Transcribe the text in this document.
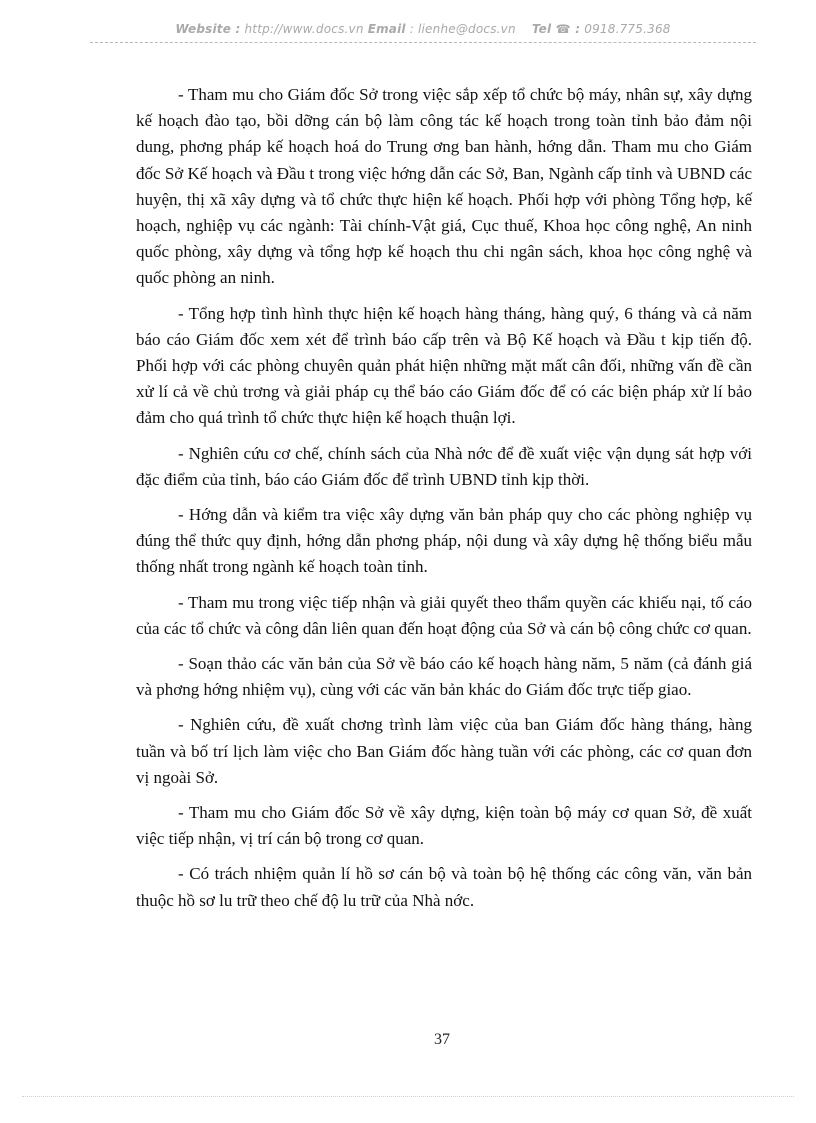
Website : http://www.docs.vn Email : lienhe@docs.vn Tel ☎ : 0918.775.368

- Tham mu cho Giám đốc Sở trong việc sắp xếp tổ chức bộ máy, nhân sự, xây dựng kế hoạch đào tạo, bồi dỡng cán bộ làm công tác kế hoạch trong toàn tỉnh bảo đảm nội dung, phơng pháp kế hoạch hoá do Trung ơng ban hành, hớng dẫn. Tham mu cho Giám đốc Sở Kế hoạch và Đầu t trong việc hớng dẫn các Sở, Ban, Ngành cấp tỉnh và UBND các huyện, thị xã xây dựng và tổ chức thực hiện kế hoạch. Phối hợp với phòng Tổng hợp, kế hoạch, nghiệp vụ các ngành: Tài chính-Vật giá, Cục thuế, Khoa học công nghệ, An ninh quốc phòng, xây dựng và tổng hợp kế hoạch thu chi ngân sách, khoa học công nghệ và quốc phòng an ninh.

- Tổng hợp tình hình thực hiện kế hoạch hàng tháng, hàng quý, 6 tháng và cả năm báo cáo Giám đốc xem xét để trình báo cấp trên và Bộ Kế hoạch và Đầu t kịp tiến độ. Phối hợp với các phòng chuyên quản phát hiện những mặt mất cân đối, những vấn đề cần xử lí cả về chủ trơng và giải pháp cụ thể báo cáo Giám đốc để có các biện pháp xử lí bảo đảm cho quá trình tổ chức thực hiện kế hoạch thuận lợi.

- Nghiên cứu cơ chế, chính sách của Nhà nớc để đề xuất việc vận dụng sát hợp với đặc điểm của tỉnh, báo cáo Giám đốc để trình UBND tỉnh kịp thời.

- Hớng dẫn và kiểm tra việc xây dựng văn bản pháp quy cho các phòng nghiệp vụ đúng thể thức quy định, hớng dẫn phơng pháp, nội dung và xây dựng hệ thống biểu mẫu thống nhất trong ngành kế hoạch toàn tỉnh.

- Tham mu trong việc tiếp nhận và giải quyết theo thẩm quyền các khiếu nại, tố cáo của các tổ chức và công dân liên quan đến hoạt động của Sở và cán bộ công chức cơ quan.

- Soạn thảo các văn bản của Sở về báo cáo kế hoạch hàng năm, 5 năm (cả đánh giá và phơng hớng nhiệm vụ), cùng với các văn bản khác do Giám đốc trực tiếp giao.

- Nghiên cứu, đề xuất chơng trình làm việc của ban Giám đốc hàng tháng, hàng tuần và bố trí lịch làm việc cho Ban Giám đốc hàng tuần với các phòng, các cơ quan đơn vị ngoài Sở.

- Tham mu cho Giám đốc Sở về xây dựng, kiện toàn bộ máy cơ quan Sở, đề xuất việc tiếp nhận, vị trí cán bộ trong cơ quan.

- Có trách nhiệm quản lí hồ sơ cán bộ và toàn bộ hệ thống các công văn, văn bản thuộc hồ sơ lu trữ theo chế độ lu trữ của Nhà nớc.

37
